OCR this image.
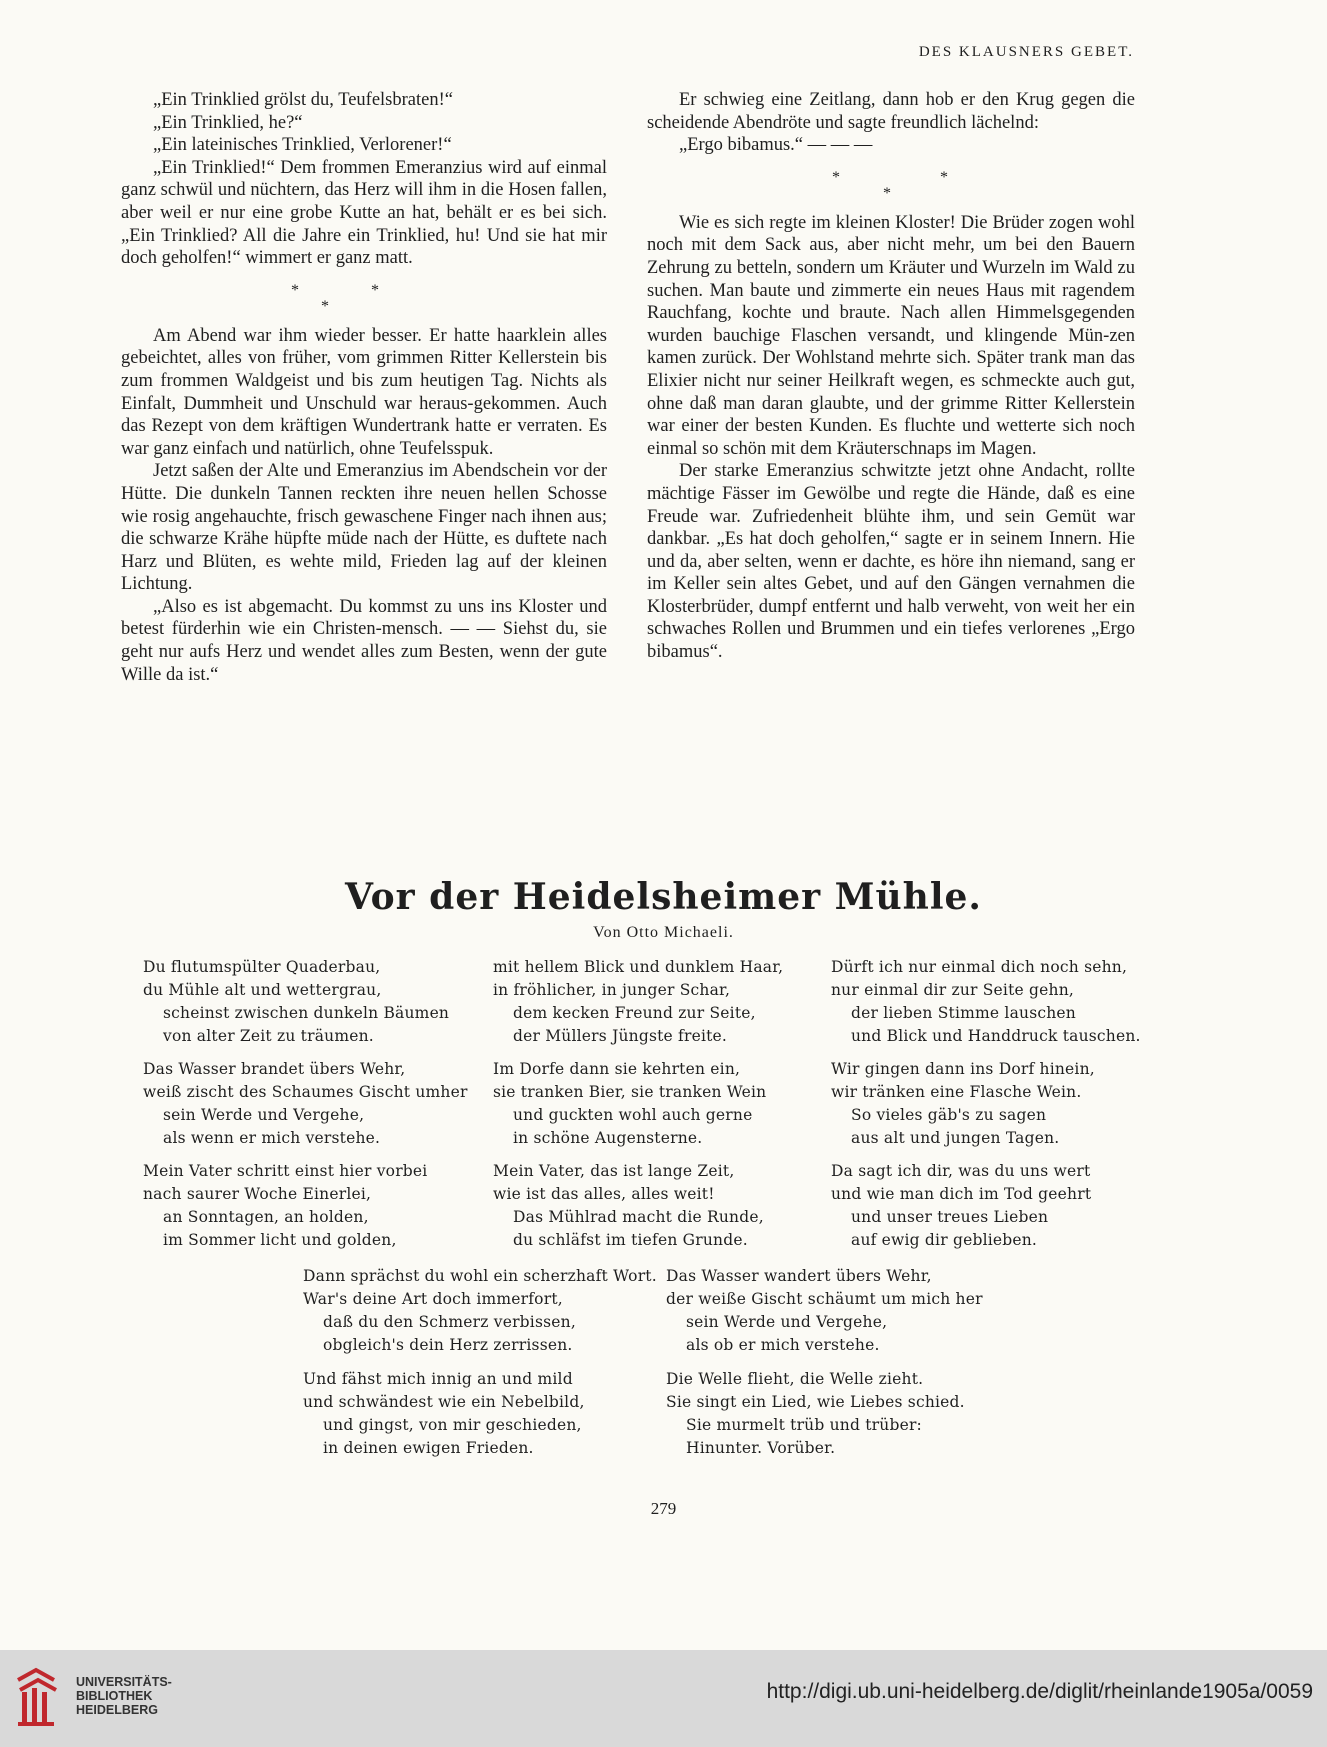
DES KLAUSNERS GEBET.

„Ein Trinklied grölst du, Teufelsbraten!“

„Ein Trinklied, he?“

„Ein lateinisches Trinklied, Verlorener!“

„Ein Trinklied!“ Dem frommen Emeranzius wird auf einmal ganz schwül und nüchtern, das Herz will ihm in die Hosen fallen, aber weil er nur eine grobe Kutte an hat, behält er es bei sich. „Ein Trinklied? All die Jahre ein Trinklied, hu! Und sie hat mir doch geholfen!“ wimmert er ganz matt.

*
*
*

Am Abend war ihm wieder besser. Er hatte haarklein alles gebeichtet, alles von früher, vom grimmen Ritter Kellerstein bis zum frommen Waldgeist und bis zum heutigen Tag. Nichts als Einfalt, Dummheit und Unschuld war heraus-gekommen. Auch das Rezept von dem kräftigen Wundertrank hatte er verraten. Es war ganz einfach und natürlich, ohne Teufelsspuk.

Jetzt saßen der Alte und Emeranzius im Abendschein vor der Hütte. Die dunkeln Tannen reckten ihre neuen hellen Schosse wie rosig angehauchte, frisch gewaschene Finger nach ihnen aus; die schwarze Krähe hüpfte müde nach der Hütte, es duftete nach Harz und Blüten, es wehte mild, Frieden lag auf der kleinen Lichtung.

„Also es ist abgemacht. Du kommst zu uns ins Kloster und betest fürderhin wie ein Christen-mensch. — — Siehst du, sie geht nur aufs Herz und wendet alles zum Besten, wenn der gute Wille da ist.“

Er schwieg eine Zeitlang, dann hob er den Krug gegen die scheidende Abendröte und sagte freundlich lächelnd:

„Ergo bibamus.“ — — —

*
*
*

Wie es sich regte im kleinen Kloster! Die Brüder zogen wohl noch mit dem Sack aus, aber nicht mehr, um bei den Bauern Zehrung zu betteln, sondern um Kräuter und Wurzeln im Wald zu suchen. Man baute und zimmerte ein neues Haus mit ragendem Rauchfang, kochte und braute. Nach allen Himmelsgegenden wurden bauchige Flaschen versandt, und klingende Mün-zen kamen zurück. Der Wohlstand mehrte sich. Später trank man das Elixier nicht nur seiner Heilkraft wegen, es schmeckte auch gut, ohne daß man daran glaubte, und der grimme Ritter Kellerstein war einer der besten Kunden. Es fluchte und wetterte sich noch einmal so schön mit dem Kräuterschnaps im Magen.

Der starke Emeranzius schwitzte jetzt ohne Andacht, rollte mächtige Fässer im Gewölbe und regte die Hände, daß es eine Freude war. Zufriedenheit blühte ihm, und sein Gemüt war dankbar. „Es hat doch geholfen,“ sagte er in seinem Innern. Hie und da, aber selten, wenn er dachte, es höre ihn niemand, sang er im Keller sein altes Gebet, und auf den Gängen vernahmen die Klosterbrüder, dumpf entfernt und halb verweht, von weit her ein schwaches Rollen und Brummen und ein tiefes verlorenes „Ergo bibamus“.

Vor der Heidelsheimer Mühle.
Von Otto Michaeli.
Du flutumspülter Quaderbau,
du Mühle alt und wettergrau,
scheinst zwischen dunkeln Bäumen
von alter Zeit zu träumen.
mit hellem Blick und dunklem Haar,
in fröhlicher, in junger Schar,
dem kecken Freund zur Seite,
der Müllers Jüngste freite.
Dürft ich nur einmal dich noch sehn,
nur einmal dir zur Seite gehn,
der lieben Stimme lauschen
und Blick und Handdruck tauschen.
Das Wasser brandet übers Wehr,
weiß zischt des Schaumes Gischt umher
sein Werde und Vergehe,
als wenn er mich verstehe.
Im Dorfe dann sie kehrten ein,
sie tranken Bier, sie tranken Wein
und guckten wohl auch gerne
in schöne Augensterne.
Wir gingen dann ins Dorf hinein,
wir tränken eine Flasche Wein.
So vieles gäb's zu sagen
aus alt und jungen Tagen.
Mein Vater schritt einst hier vorbei
nach saurer Woche Einerlei,
an Sonntagen, an holden,
im Sommer licht und golden,
Mein Vater, das ist lange Zeit,
wie ist das alles, alles weit!
Das Mühlrad macht die Runde,
du schläfst im tiefen Grunde.
Da sagt ich dir, was du uns wert
und wie man dich im Tod geehrt
und unser treues Lieben
auf ewig dir geblieben.
Dann sprächst du wohl ein scherzhaft Wort.
War's deine Art doch immerfort,
daß du den Schmerz verbissen,
obgleich's dein Herz zerrissen.
Das Wasser wandert übers Wehr,
der weiße Gischt schäumt um mich her
sein Werde und Vergehe,
als ob er mich verstehe.
Und fähst mich innig an und mild
und schwändest wie ein Nebelbild,
und gingst, von mir geschieden,
in deinen ewigen Frieden.
Die Welle flieht, die Welle zieht.
Sie singt ein Lied, wie Liebes schied.
Sie murmelt trüb und trüber:
Hinunter. Vorüber.
279
UNIVERSITÄTS-
BIBLIOTHEK
HEIDELBERG
http://digi.ub.uni-heidelberg.de/diglit/rheinlande1905a/0059
